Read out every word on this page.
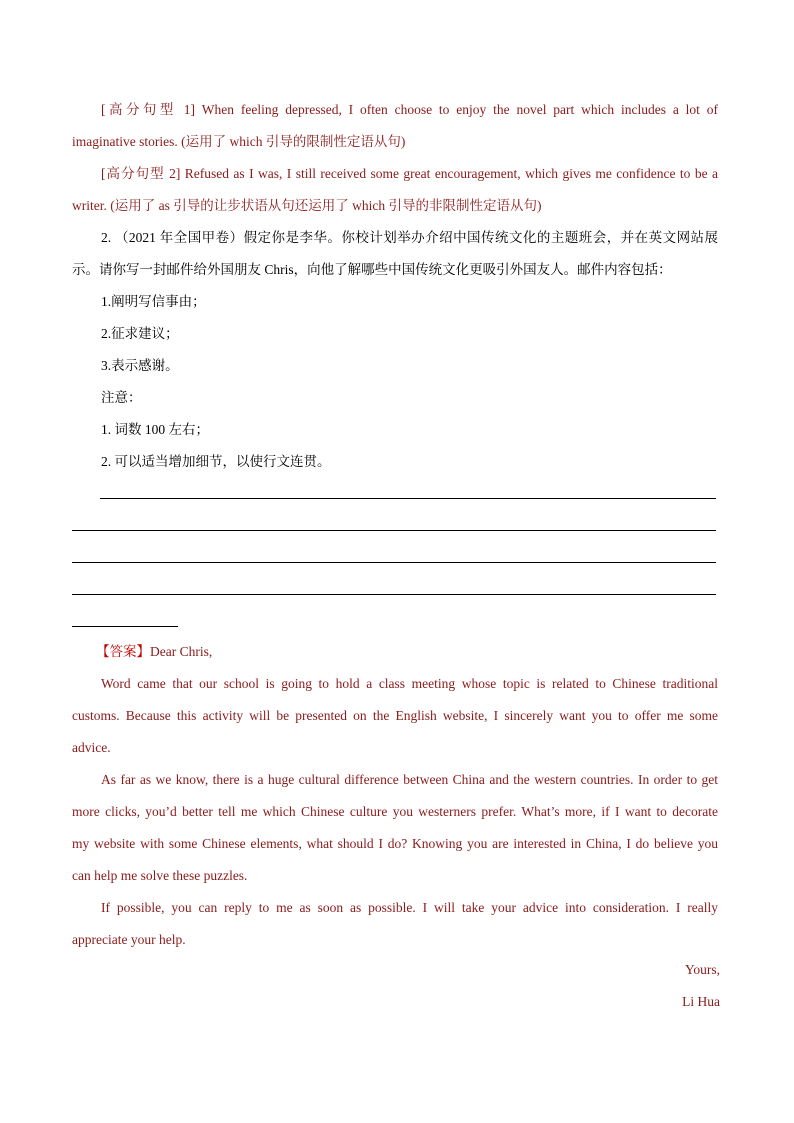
[高分句型 1] When feeling depressed, I often choose to enjoy the novel part which includes a lot of
imaginative stories. (运用了 which 引导的限制性定语从句)
[高分句型 2] Refused as I was, I still received some great encouragement, which gives me confidence to be a
writer. (运用了 as 引导的让步状语从句还运用了 which 引导的非限制性定语从句)
2. （2021 年全国甲卷）假定你是李华。你校计划举办介绍中国传统文化的主题班会，并在英文网站展
示。请你写一封邮件给外国朋友 Chris，向他了解哪些中国传统文化更吸引外国友人。邮件内容包括：
1.阐明写信事由；
2.征求建议；
3.表示感谢。
注意：
1. 词数 100 左右；
2. 可以适当增加细节，以使行文连贯。
【答案】Dear Chris,
Word came that our school is going to hold a class meeting whose topic is related to Chinese traditional
customs. Because this activity will be presented on the English website, I sincerely want you to offer me some
advice.
As far as we know, there is a huge cultural difference between China and the western countries. In order to get
more clicks, you’d better tell me which Chinese culture you westerners prefer. What’s more, if I want to decorate
my website with some Chinese elements, what should I do? Knowing you are interested in China, I do believe you
can help me solve these puzzles.
If possible, you can reply to me as soon as possible. I will take your advice into consideration. I really
appreciate your help.
Yours,
Li Hua
